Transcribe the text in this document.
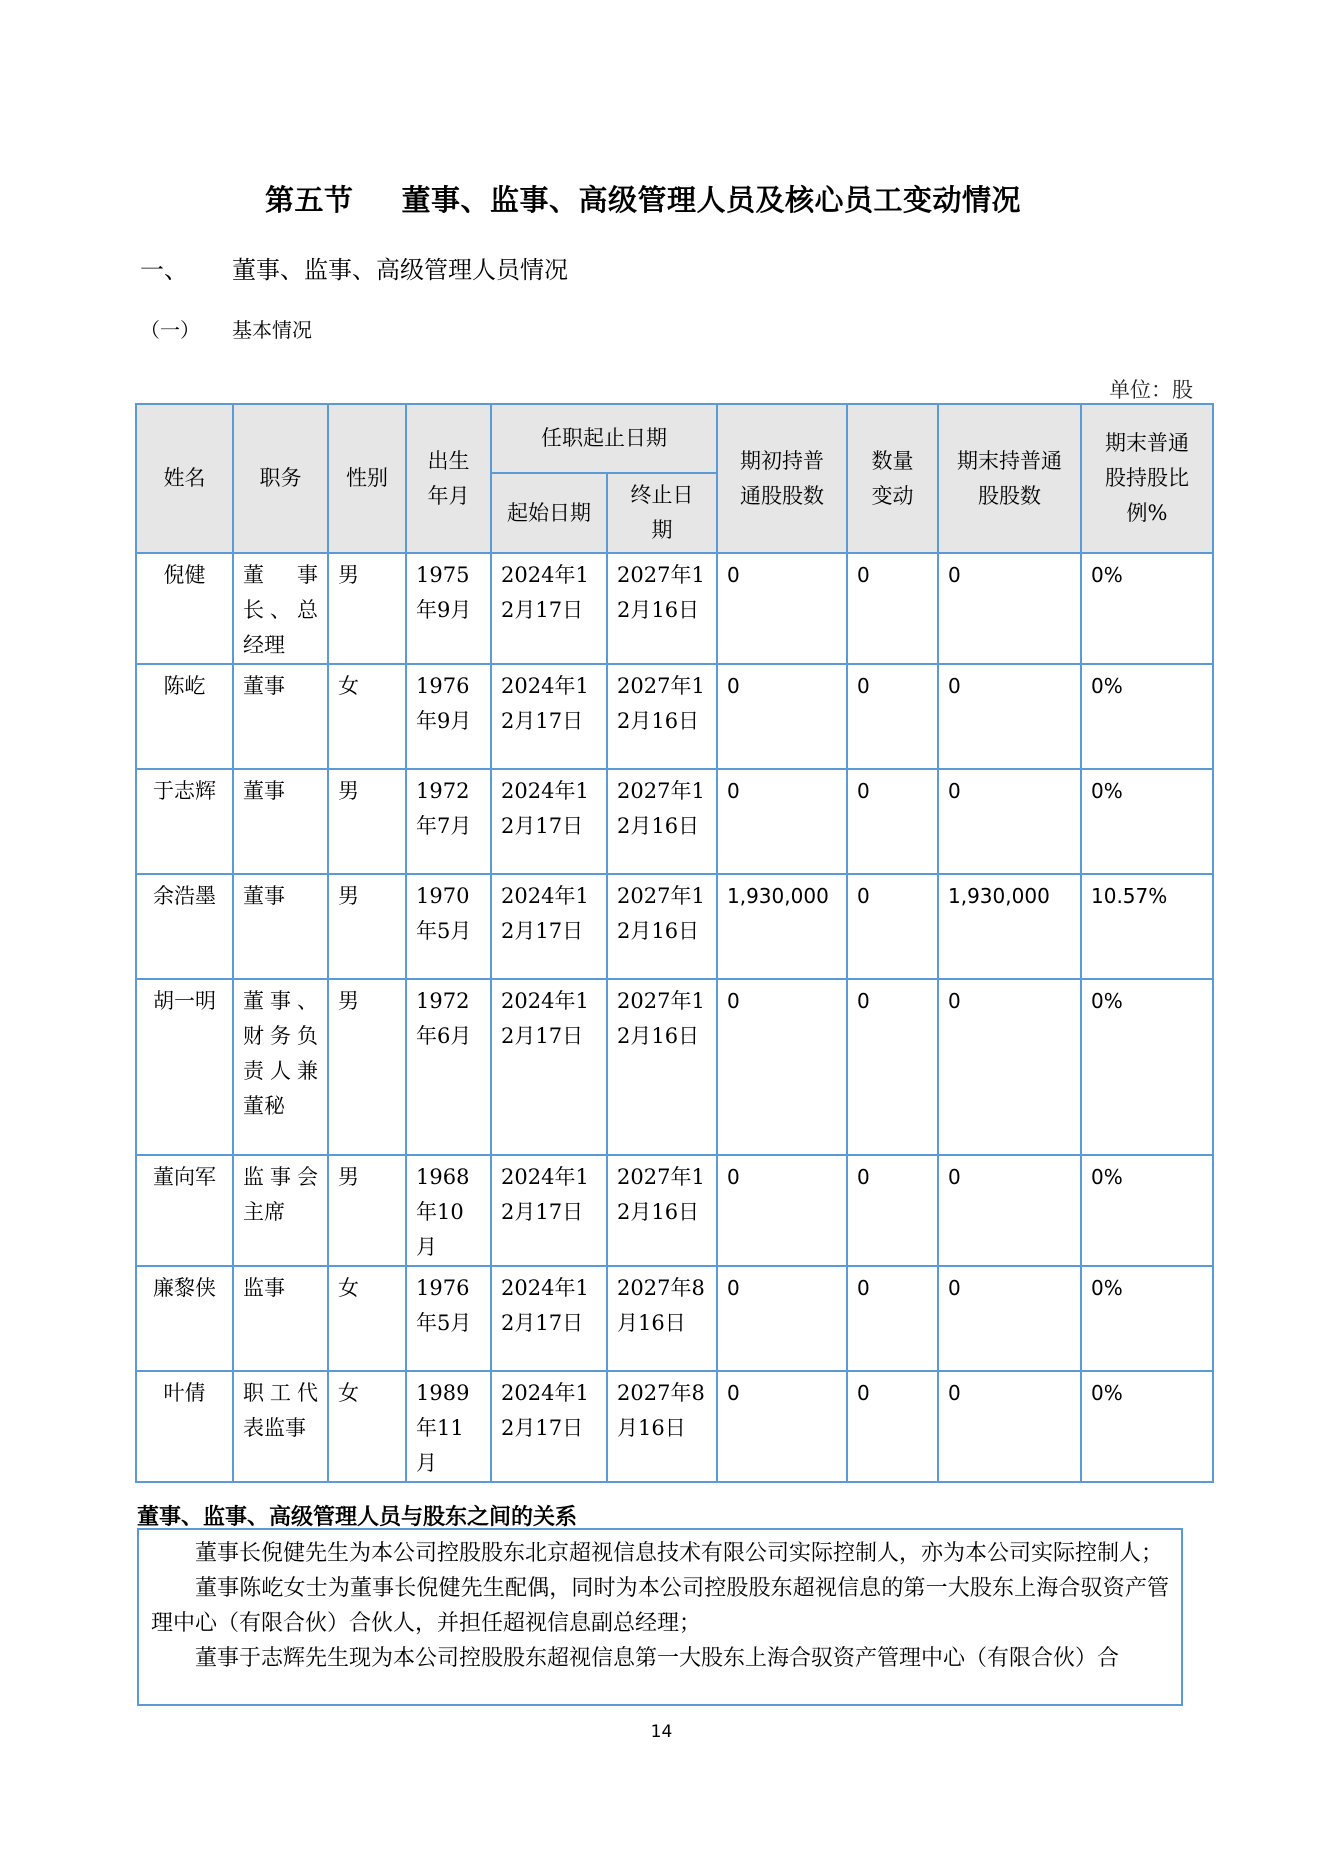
第五节 董事、监事、高级管理人员及核心员工变动情况
一、 董事、监事、高级管理人员情况
（一） 基本情况
单位：股
姓名	职务	性别	出生年月	任职起止日期		期初持普通股股数	数量变动	期末持普通股股数	期末普通股持股比例%
				起始日期	终止日期				
倪健	董事长、总经理	男	1975年9月	2024年12月17日	2027年12月16日	0	0	0	0%
陈屹	董事	女	1976年9月	2024年12月17日	2027年12月16日	0	0	0	0%
于志辉	董事	男	1972年7月	2024年12月17日	2027年12月16日	0	0	0	0%
余浩墨	董事	男	1970年5月	2024年12月17日	2027年12月16日	1,930,000	0	1,930,000	10.57%
胡一明	董事、财务负责人兼董秘	男	1972年6月	2024年12月17日	2027年12月16日	0	0	0	0%
董向军	监事会主席	男	1968年10月	2024年12月17日	2027年12月16日	0	0	0	0%
廉黎侠	监事	女	1976年5月	2024年12月17日	2027年8月16日	0	0	0	0%
叶倩	职工代表监事	女	1989年11月	2024年12月17日	2027年8月16日	0	0	0	0%
董事、监事、高级管理人员与股东之间的关系

董事长倪健先生为本公司控股股东北京超视信息技术有限公司实际控制人，亦为本公司实际控制人；

董事陈屹女士为董事长倪健先生配偶，同时为本公司控股股东超视信息的第一大股东上海合驭资产管理中心（有限合伙）合伙人，并担任超视信息副总经理；

董事于志辉先生现为本公司控股股东超视信息第一大股东上海合驭资产管理中心（有限合伙）合

14
